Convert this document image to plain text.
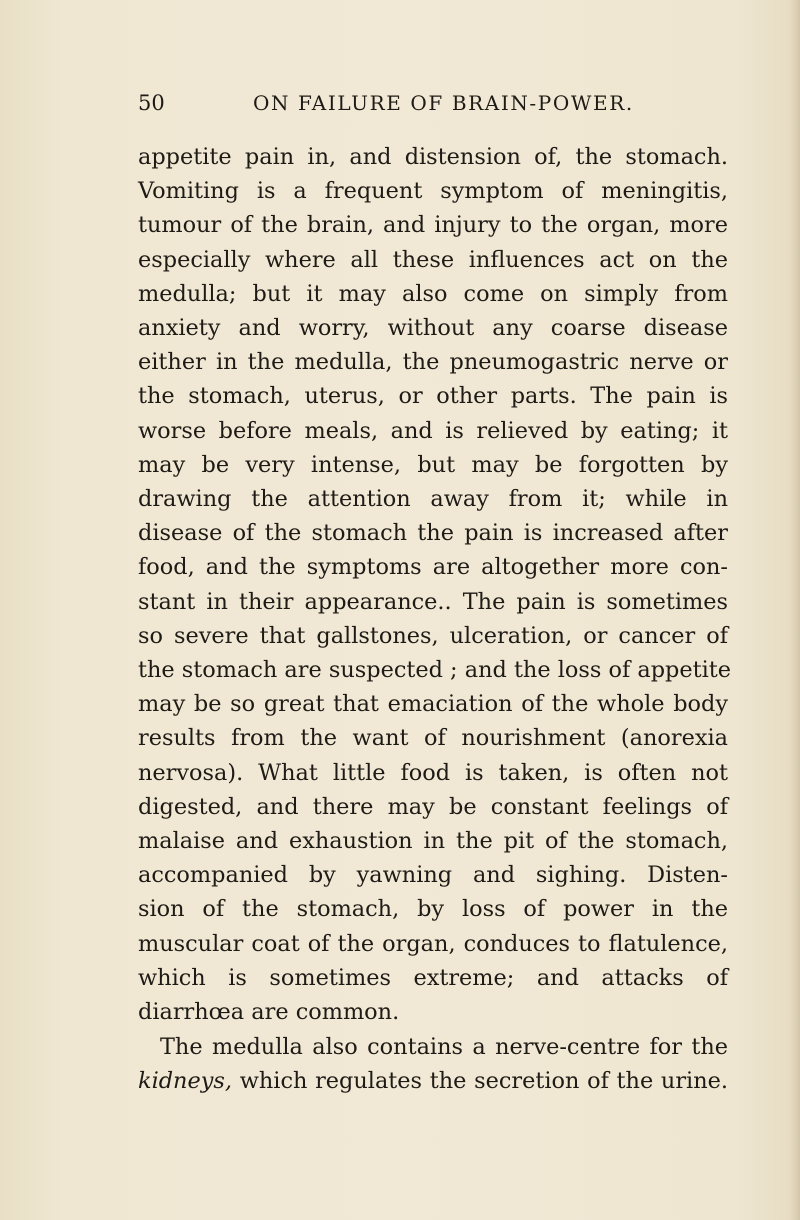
50	ON FAILURE OF BRAIN-POWER.

appetite pain in, and distension of, the stomach.
Vomiting is a frequent symptom of meningitis,
tumour of the brain, and injury to the organ, more
especially where all these influences act on the
medulla; but it may also come on simply from
anxiety and worry, without any coarse disease
either in the medulla, the pneumogastric nerve or
the stomach, uterus, or other parts. The pain is
worse before meals, and is relieved by eating; it
may be very intense, but may be forgotten by
drawing the attention away from it; while in
disease of the stomach the pain is increased after
food, and the symptoms are altogether more con-
stant in their appearance.. The pain is sometimes
so severe that gallstones, ulceration, or cancer of
the stomach are suspected ; and the loss of appetite
may be so great that emaciation of the whole body
results from the want of nourishment (anorexia
nervosa). What little food is taken, is often not
digested, and there may be constant feelings of
malaise and exhaustion in the pit of the stomach,
accompanied by yawning and sighing. Disten-
sion of the stomach, by loss of power in the
muscular coat of the organ, conduces to flatulence,
which is sometimes extreme; and attacks of
diarrhœa are common.

The medulla also contains a nerve-centre for the
kidneys, which regulates the secretion of the urine.
